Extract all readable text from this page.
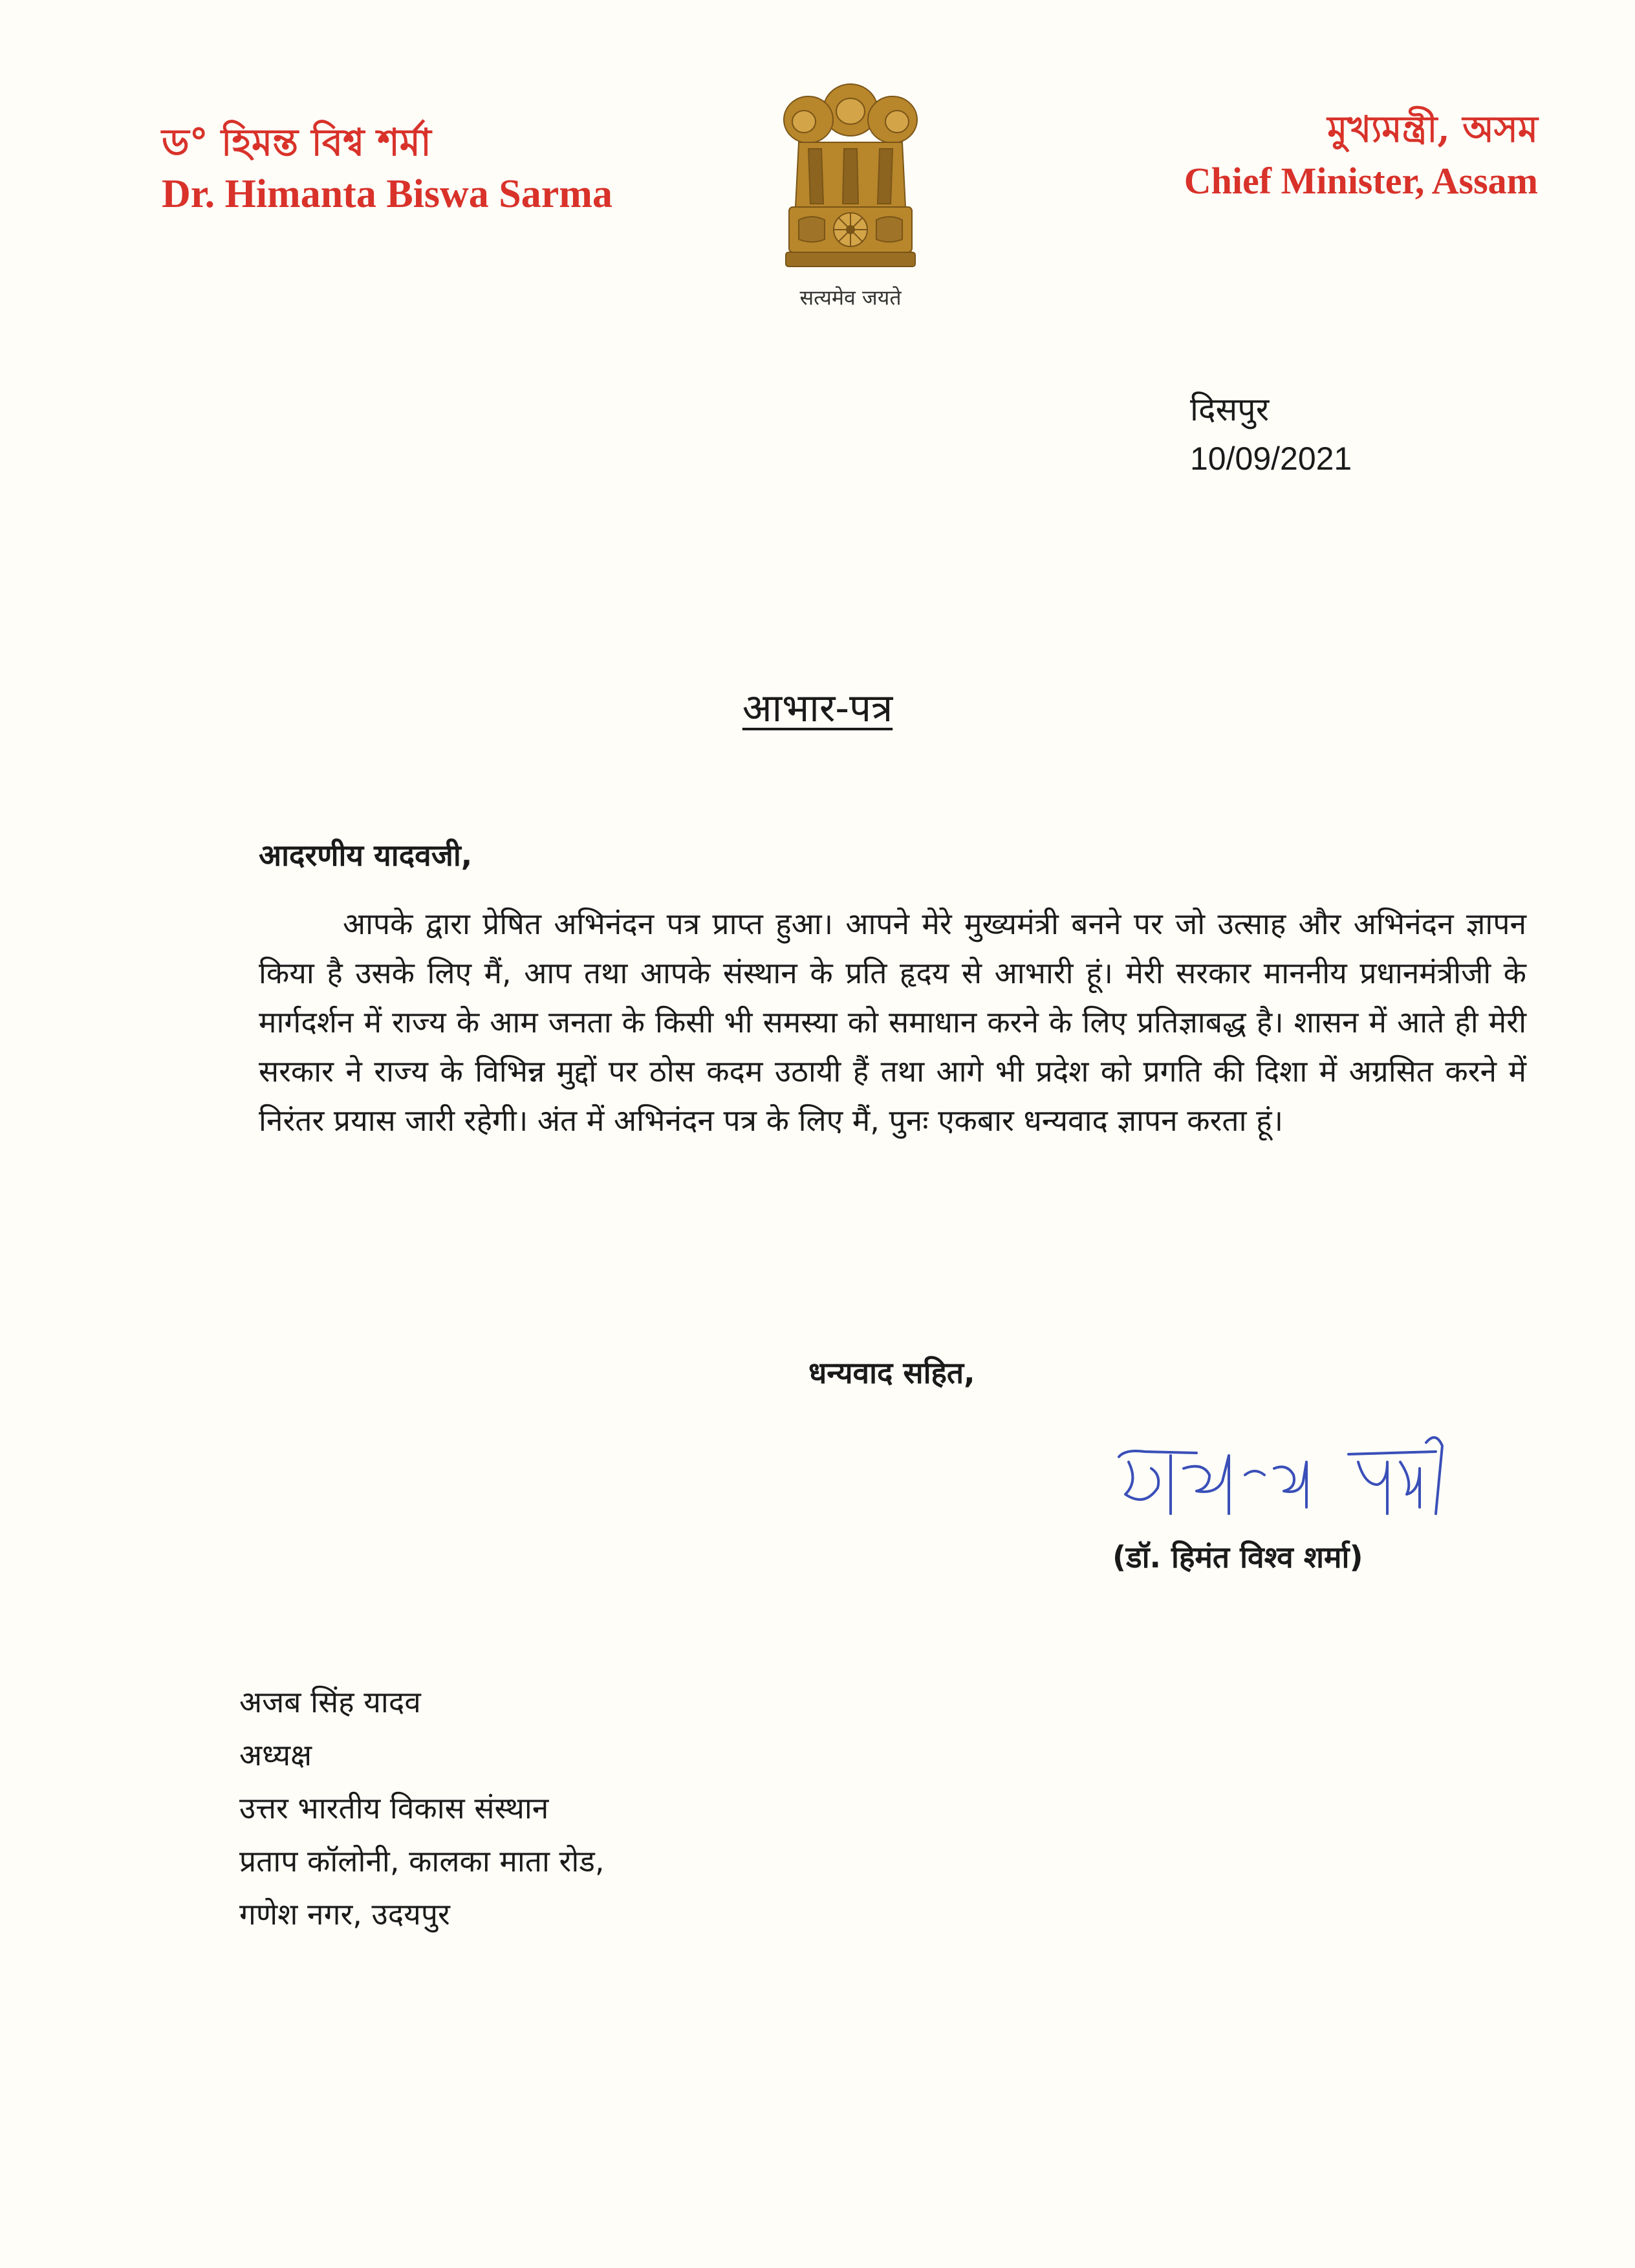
ড° হিমন্ত বিশ্ব শৰ্মা
Dr. Himanta Biswa Sarma
सत्यमेव जयते
মুখ্যমন্ত্ৰী, অসম
Chief Minister, Assam
दिसपुर
10/09/2021
आभार-पत्र
आदरणीय यादवजी,
आपके द्वारा प्रेषित अभिनंदन पत्र प्राप्त हुआ। आपने मेरे मुख्यमंत्री बनने पर जो उत्साह और अभिनंदन ज्ञापन किया है उसके लिए मैं, आप तथा आपके संस्थान के प्रति हृदय से आभारी हूं। मेरी सरकार माननीय प्रधानमंत्रीजी के मार्गदर्शन में राज्य के आम जनता के किसी भी समस्या को समाधान करने के लिए प्रतिज्ञाबद्ध है। शासन में आते ही मेरी सरकार ने राज्य के विभिन्न मुद्दों पर ठोस कदम उठायी हैं तथा आगे भी प्रदेश को प्रगति की दिशा में अग्रसित करने में निरंतर प्रयास जारी रहेगी। अंत में अभिनंदन पत्र के लिए मैं, पुनः एकबार धन्यवाद ज्ञापन करता हूं।
धन्यवाद सहित,
(डॉ. हिमंत विश्व शर्मा)
अजब सिंह यादव
अध्यक्ष
उत्तर भारतीय विकास संस्थान
प्रताप कॉलोनी, कालका माता रोड,
गणेश नगर, उदयपुर
